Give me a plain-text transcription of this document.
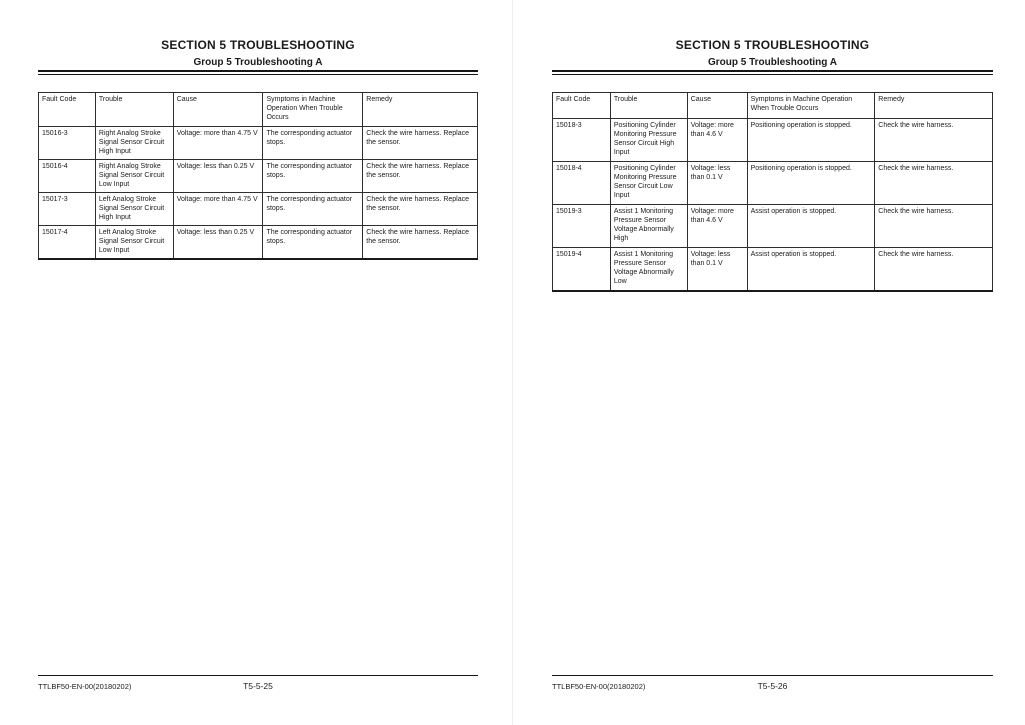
SECTION 5 TROUBLESHOOTING
Group 5 Troubleshooting A
Fault Code	Trouble	Cause	Symptoms in Machine Operation When Trouble Occurs	Remedy
15016-3	Right Analog Stroke Signal Sensor Circuit High Input	Voltage: more than 4.75 V	The corresponding actuator stops.	Check the wire harness. Replace the sensor.
15016-4	Right Analog Stroke Signal Sensor Circuit Low Input	Voltage: less than 0.25 V	The corresponding actuator stops.	Check the wire harness. Replace the sensor.
15017-3	Left Analog Stroke Signal Sensor Circuit High Input	Voltage: more than 4.75 V	The corresponding actuator stops.	Check the wire harness. Replace the sensor.
15017-4	Left Analog Stroke Signal Sensor Circuit Low Input	Voltage: less than 0.25 V	The corresponding actuator stops.	Check the wire harness. Replace the sensor.
TTLBF50-EN-00(20180202)	T5-5-25
SECTION 5 TROUBLESHOOTING
Group 5 Troubleshooting A
Fault Code	Trouble	Cause	Symptoms in Machine Operation When Trouble Occurs	Remedy
15018-3	Positioning Cylinder Monitoring Pressure Sensor Circuit High Input	Voltage: more than 4.6 V	Positioning operation is stopped.	Check the wire harness.
15018-4	Positioning Cylinder Monitoring Pressure Sensor Circuit Low Input	Voltage: less than 0.1 V	Positioning operation is stopped.	Check the wire harness.
15019-3	Assist 1 Monitoring Pressure Sensor Voltage Abnormally High	Voltage: more than 4.6 V	Assist operation is stopped.	Check the wire harness.
15019-4	Assist 1 Monitoring Pressure Sensor Voltage Abnormally Low	Voltage: less than 0.1 V	Assist operation is stopped.	Check the wire harness.
TTLBF50-EN-00(20180202)	T5-5-26
